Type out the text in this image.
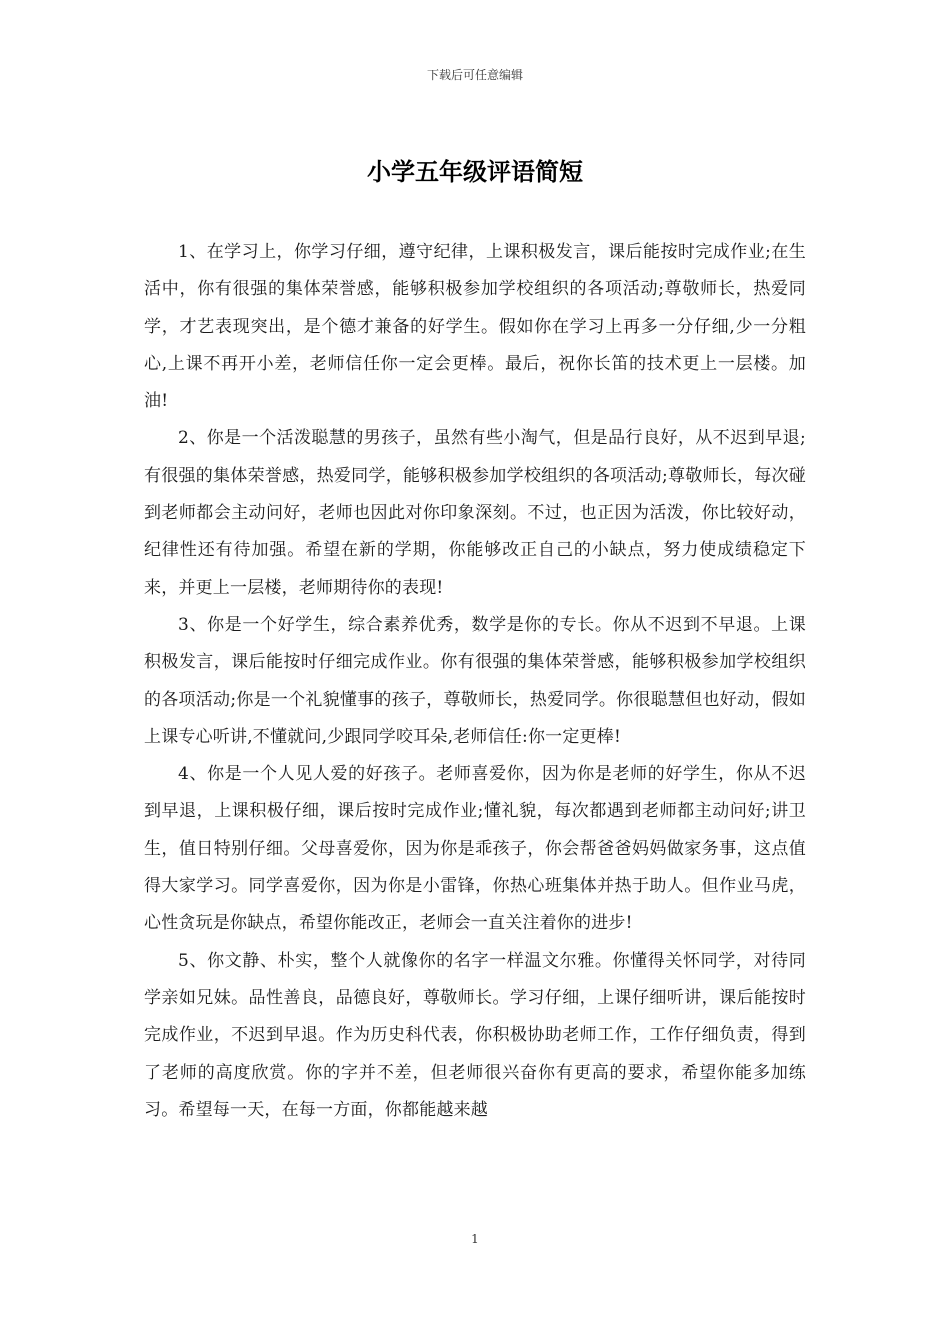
下载后可任意编辑
小学五年级评语简短

1、在学习上，你学习仔细，遵守纪律，上课积极发言，课后能按时完成作业;在生活中，你有很强的集体荣誉感，能够积极参加学校组织的各项活动;尊敬师长，热爱同学，才艺表现突出，是个德才兼备的好学生。假如你在学习上再多一分仔细,少一分粗心,上课不再开小差，老师信任你一定会更棒。最后，祝你长笛的技术更上一层楼。加油!

2、你是一个活泼聪慧的男孩子，虽然有些小淘气，但是品行良好，从不迟到早退;有很强的集体荣誉感，热爱同学，能够积极参加学校组织的各项活动;尊敬师长，每次碰到老师都会主动问好，老师也因此对你印象深刻。不过，也正因为活泼，你比较好动，纪律性还有待加强。希望在新的学期，你能够改正自己的小缺点，努力使成绩稳定下来，并更上一层楼，老师期待你的表现!

3、你是一个好学生，综合素养优秀，数学是你的专长。你从不迟到不早退。上课积极发言，课后能按时仔细完成作业。你有很强的集体荣誉感，能够积极参加学校组织的各项活动;你是一个礼貌懂事的孩子，尊敬师长，热爱同学。你很聪慧但也好动，假如上课专心听讲,不懂就问,少跟同学咬耳朵,老师信任:你一定更棒!

4、你是一个人见人爱的好孩子。老师喜爱你，因为你是老师的好学生，你从不迟到早退，上课积极仔细，课后按时完成作业;懂礼貌，每次都遇到老师都主动问好;讲卫生，值日特别仔细。父母喜爱你，因为你是乖孩子，你会帮爸爸妈妈做家务事，这点值得大家学习。同学喜爱你，因为你是小雷锋，你热心班集体并热于助人。但作业马虎，心性贪玩是你缺点，希望你能改正，老师会一直关注着你的进步!

5、你文静、朴实，整个人就像你的名字一样温文尔雅。你懂得关怀同学，对待同学亲如兄妹。品性善良，品德良好，尊敬师长。学习仔细，上课仔细听讲，课后能按时完成作业，不迟到早退。作为历史科代表，你积极协助老师工作，工作仔细负责，得到了老师的高度欣赏。你的字并不差，但老师很兴奋你有更高的要求，希望你能多加练习。希望每一天，在每一方面，你都能越来越

1
